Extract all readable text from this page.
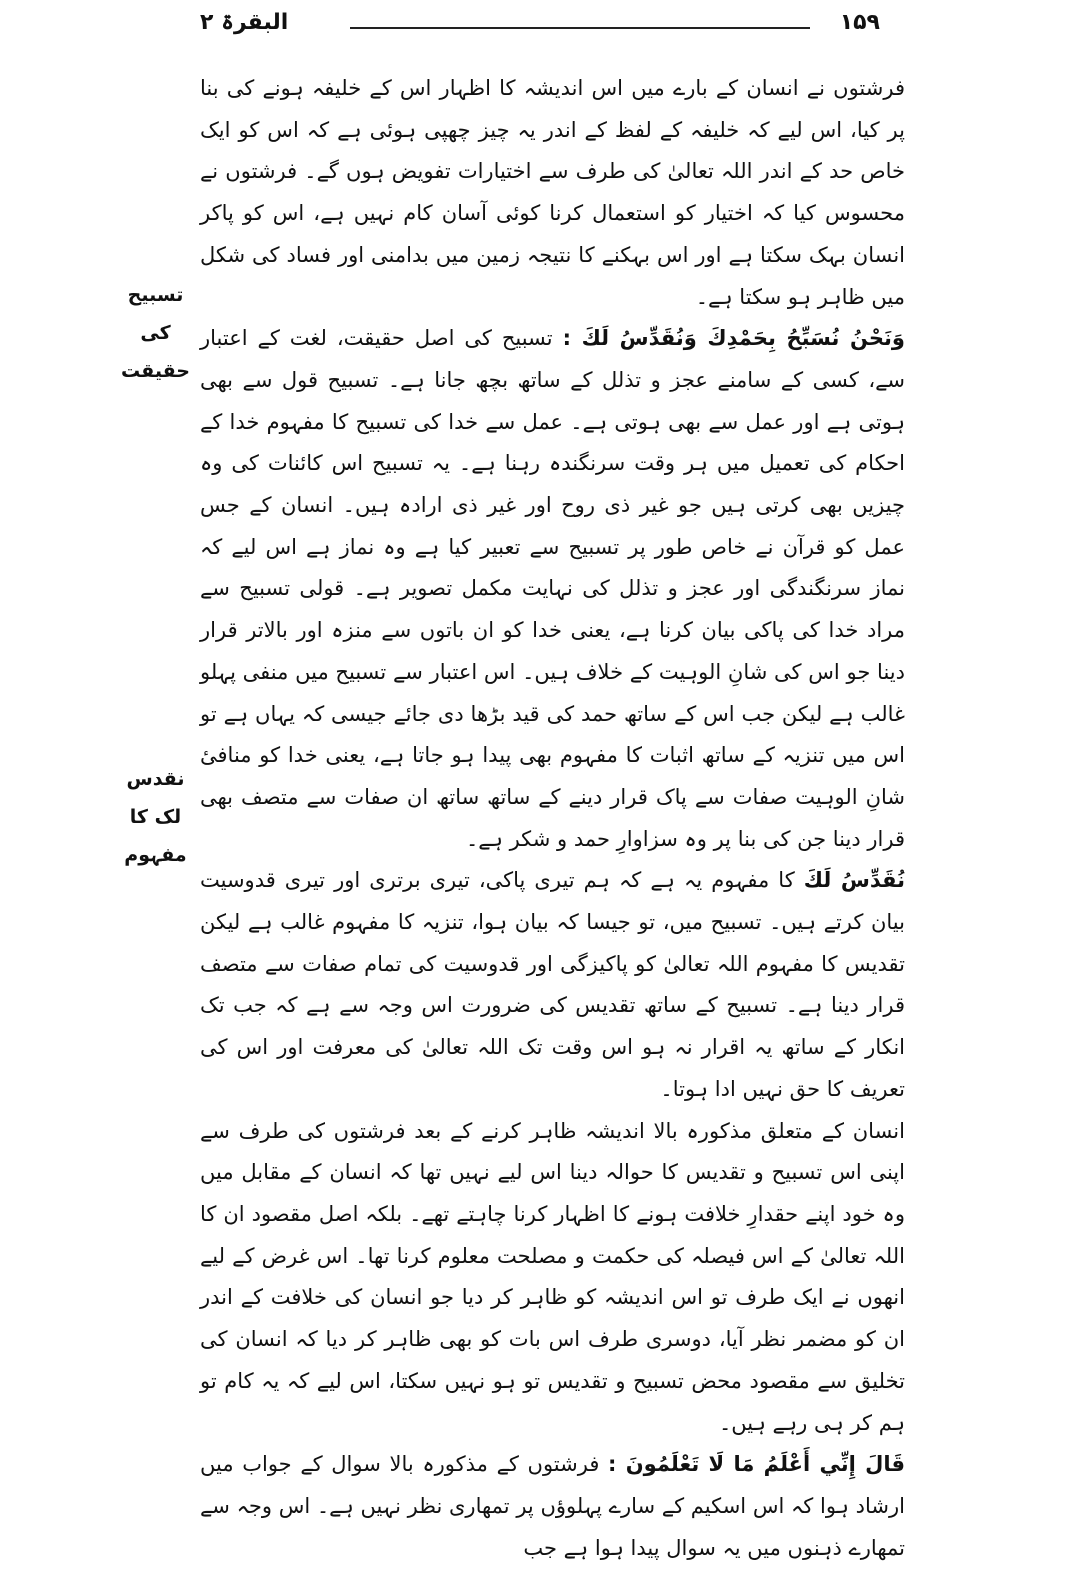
۱۵۹
البقرۃ ۲
تسبیح کی حقیقت
نقدس لک کا مفہوم

فرشتوں نے انسان کے بارے میں اس اندیشہ کا اظہار اس کے خلیفہ ہونے کی بنا پر کیا، اس لیے کہ خلیفہ کے لفظ کے اندر یہ چیز چھپی ہوئی ہے کہ اس کو ایک خاص حد کے اندر اللہ تعالیٰ کی طرف سے اختیارات تفویض ہوں گے۔ فرشتوں نے محسوس کیا کہ اختیار کو استعمال کرنا کوئی آسان کام نہیں ہے، اس کو پاکر انسان بہک سکتا ہے اور اس بہکنے کا نتیجہ زمین میں بدامنی اور فساد کی شکل میں ظاہر ہو سکتا ہے۔

وَنَحْنُ نُسَبِّحُ بِحَمْدِكَ وَنُقَدِّسُ لَكَ : تسبیح کی اصل حقیقت، لغت کے اعتبار سے، کسی کے سامنے عجز و تذلل کے ساتھ بچھ جانا ہے۔ تسبیح قول سے بھی ہوتی ہے اور عمل سے بھی ہوتی ہے۔ عمل سے خدا کی تسبیح کا مفہوم خدا کے احکام کی تعمیل میں ہر وقت سرنگندہ رہنا ہے۔ یہ تسبیح اس کائنات کی وہ چیزیں بھی کرتی ہیں جو غیر ذی روح اور غیر ذی ارادہ ہیں۔ انسان کے جس عمل کو قرآن نے خاص طور پر تسبیح سے تعبیر کیا ہے وہ نماز ہے اس لیے کہ نماز سرنگندگی اور عجز و تذلل کی نہایت مکمل تصویر ہے۔ قولی تسبیح سے مراد خدا کی پاکی بیان کرنا ہے، یعنی خدا کو ان باتوں سے منزہ اور بالاتر قرار دینا جو اس کی شانِ الوہیت کے خلاف ہیں۔ اس اعتبار سے تسبیح میں منفی پہلو غالب ہے لیکن جب اس کے ساتھ حمد کی قید بڑھا دی جائے جیسی کہ یہاں ہے تو اس میں تنزیہ کے ساتھ اثبات کا مفہوم بھی پیدا ہو جاتا ہے، یعنی خدا کو منافیٔ شانِ الوہیت صفات سے پاک قرار دینے کے ساتھ ساتھ ان صفات سے متصف بھی قرار دینا جن کی بنا پر وہ سزاوارِ حمد و شکر ہے۔

نُقَدِّسُ لَكَ کا مفہوم یہ ہے کہ ہم تیری پاکی، تیری برتری اور تیری قدوسیت بیان کرتے ہیں۔ تسبیح میں، تو جیسا کہ بیان ہوا، تنزیہ کا مفہوم غالب ہے لیکن تقدیس کا مفہوم اللہ تعالیٰ کو پاکیزگی اور قدوسیت کی تمام صفات سے متصف قرار دینا ہے۔ تسبیح کے ساتھ تقدیس کی ضرورت اس وجہ سے ہے کہ جب تک انکار کے ساتھ یہ اقرار نہ ہو اس وقت تک اللہ تعالیٰ کی معرفت اور اس کی تعریف کا حق نہیں ادا ہوتا۔

انسان کے متعلق مذکورہ بالا اندیشہ ظاہر کرنے کے بعد فرشتوں کی طرف سے اپنی اس تسبیح و تقدیس کا حوالہ دینا اس لیے نہیں تھا کہ انسان کے مقابل میں وہ خود اپنے حقدارِ خلافت ہونے کا اظہار کرنا چاہتے تھے۔ بلکہ اصل مقصود ان کا اللہ تعالیٰ کے اس فیصلہ کی حکمت و مصلحت معلوم کرنا تھا۔ اس غرض کے لیے انھوں نے ایک طرف تو اس اندیشہ کو ظاہر کر دیا جو انسان کی خلافت کے اندر ان کو مضمر نظر آیا، دوسری طرف اس بات کو بھی ظاہر کر دیا کہ انسان کی تخلیق سے مقصود محض تسبیح و تقدیس تو ہو نہیں سکتا، اس لیے کہ یہ کام تو ہم کر ہی رہے ہیں۔

قَالَ إِنِّي أَعْلَمُ مَا لَا تَعْلَمُونَ : فرشتوں کے مذکورہ بالا سوال کے جواب میں ارشاد ہوا کہ اس اسکیم کے سارے پہلوؤں پر تمھاری نظر نہیں ہے۔ اس وجہ سے تمھارے ذہنوں میں یہ سوال پیدا ہوا ہے جب
